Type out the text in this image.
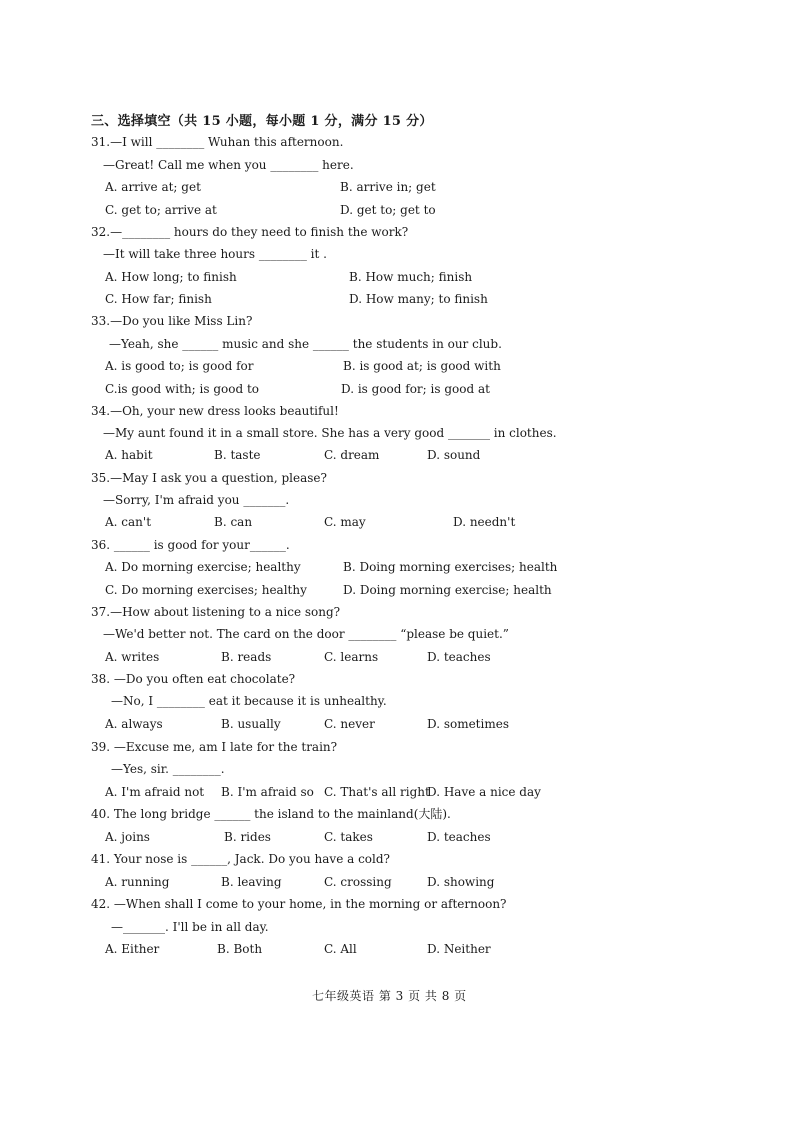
三、选择填空（共 15 小题，每小题 1 分，满分 15 分）
31.—I will ________ Wuhan this afternoon.
—Great! Call me when you ________ here.
A. arrive at; get	B. arrive in; get
C. get to; arrive at	D. get to; get to
32.—________ hours do they need to finish the work?
—It will take three hours ________ it .
A. How long; to finish	B. How much; finish
C. How far; finish	D. How many; to finish
33.—Do you like Miss Lin?
—Yeah, she ______ music and she ______ the students in our club.
A. is good to; is good for	B. is good at; is good with
C.is good with; is good to	D. is good for; is good at
34.—Oh, your new dress looks beautiful!
—My aunt found it in a small store. She has a very good _______ in clothes.
A. habit	B. taste	C. dream	D. sound
35.—May I ask you a question, please?
—Sorry, I'm afraid you _______.
A. can't	B. can	C. may	D. needn't
36. ______ is good for your______.
A. Do morning exercise; healthy	B. Doing morning exercises; health
C. Do morning exercises; healthy	D. Doing morning exercise; health
37.—How about listening to a nice song?
—We'd better not. The card on the door ________ “please be quiet.”
A. writes	B. reads	C. learns	D. teaches
38. —Do you often eat chocolate?
—No, I ________ eat it because it is unhealthy.
A. always	B. usually	C. never	D. sometimes
39. —Excuse me, am I late for the train?
—Yes, sir. ________.
A. I'm afraid not B. I'm afraid so C. That's all right
D. Have a nice day
40. The long bridge ______ the island to the mainland(大陆).
A. joins	B. rides	C. takes	D. teaches
41. Your nose is ______, Jack. Do you have a cold?
A. running	B. leaving	C. crossing	D. showing
42. —When shall I come to your home, in the morning or afternoon?
—_______. I'll be in all day.
A. Either	B. Both	C. All	D. Neither
七年级英语 第 3 页 共 8 页
